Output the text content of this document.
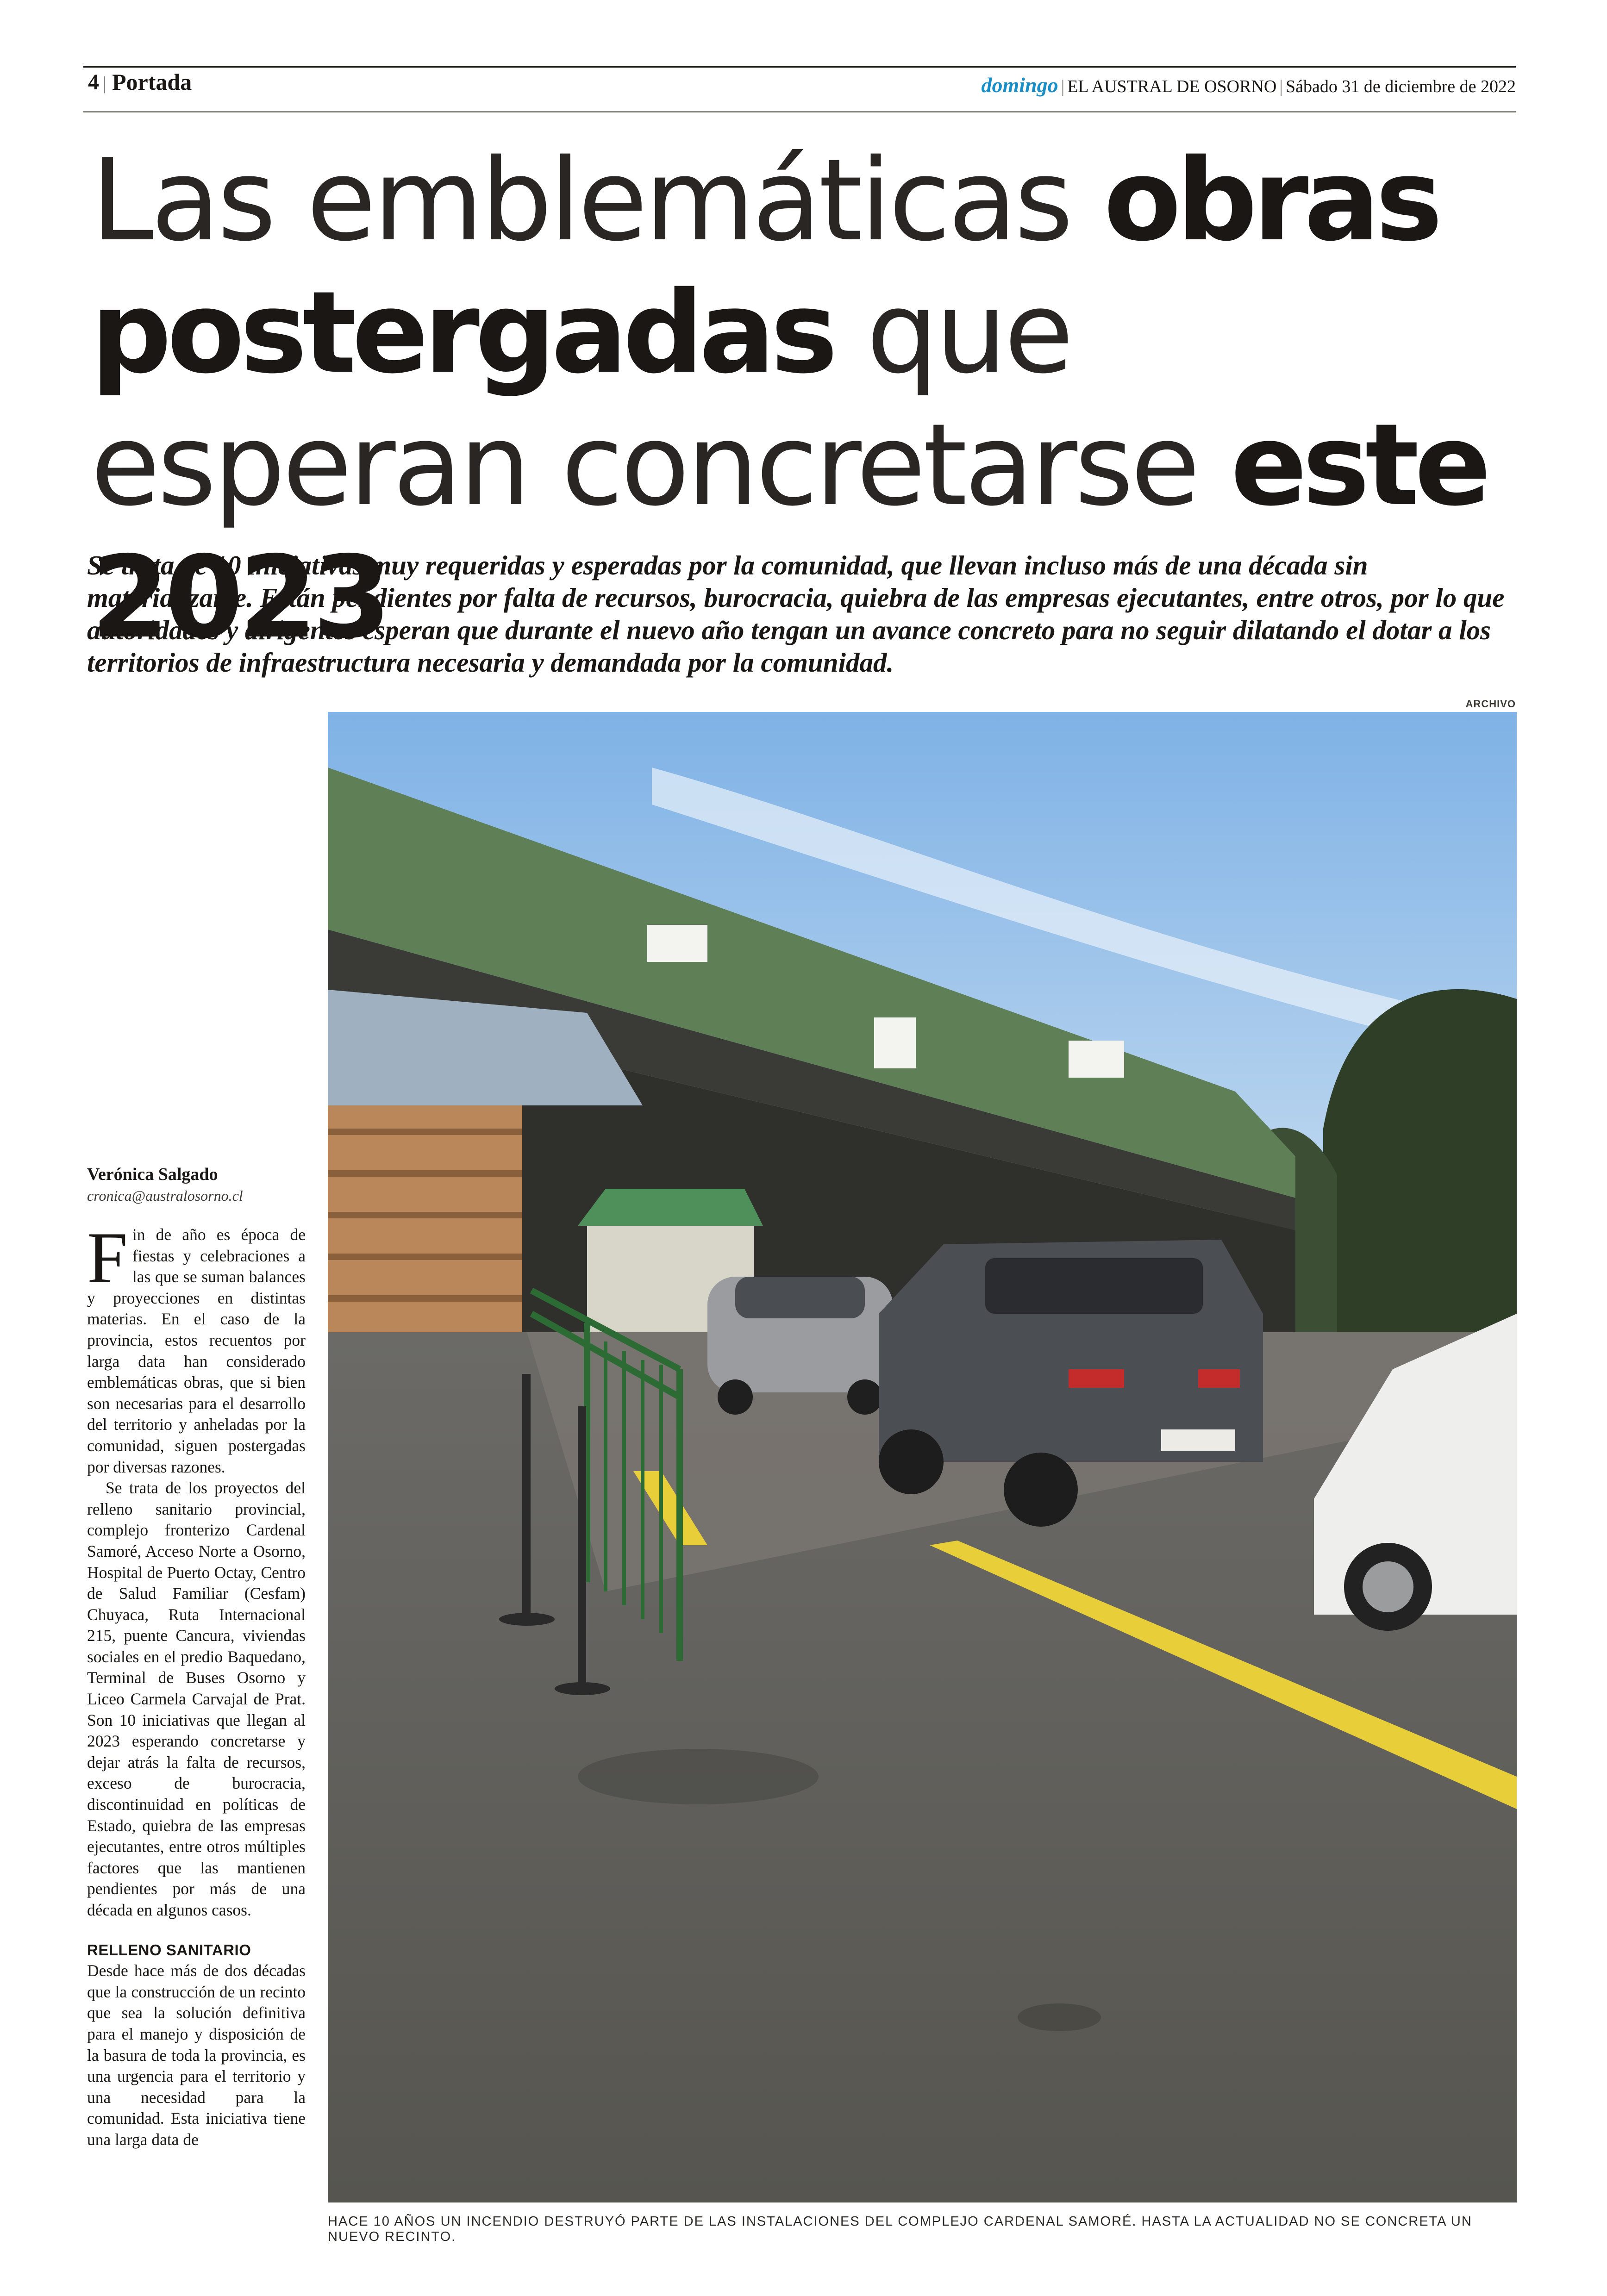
4 | Portada	domingo | EL AUSTRAL DE OSORNO | Sábado 31 de diciembre de 2022
Las emblemáticas obras postergadas que esperan concretarse este 2023
Se trata de 10 iniciativas muy requeridas y esperadas por la comunidad, que llevan incluso más de una década sin materializarse. Están pendientes por falta de recursos, burocracia, quiebra de las empresas ejecutantes, entre otros, por lo que autoridades y dirigentes esperan que durante el nuevo año tengan un avance concreto para no seguir dilatando el dotar a los territorios de infraestructura necesaria y demandada por la comunidad.
ARCHIVO
HACE 10 AÑOS UN INCENDIO DESTRUYÓ PARTE DE LAS INSTALACIONES DEL COMPLEJO CARDENAL SAMORÉ. HASTA LA ACTUALIDAD NO SE CONCRETA UN NUEVO RECINTO.
Verónica Salgado
cronica@australosorno.cl

Fin de año es época de fiestas y celebraciones a las que se suman balances y proyecciones en distintas materias. En el caso de la provincia, estos recuentos por larga data han considerado emblemáticas obras, que si bien son necesarias para el desarrollo del territorio y anheladas por la comunidad, siguen postergadas por diversas razones.

Se trata de los proyectos del relleno sanitario provincial, complejo fronterizo Cardenal Samoré, Acceso Norte a Osorno, Hospital de Puerto Octay, Centro de Salud Familiar (Cesfam) Chuyaca, Ruta Internacional 215, puente Cancura, viviendas sociales en el predio Baquedano, Terminal de Buses Osorno y Liceo Carmela Carvajal de Prat. Son 10 iniciativas que llegan al 2023 esperando concretarse y dejar atrás la falta de recursos, exceso de burocracia, discontinuidad en políticas de Estado, quiebra de las empresas ejecutantes, entre otros múltiples factores que las mantienen pendientes por más de una década en algunos casos.

RELLENO SANITARIO

Desde hace más de dos décadas que la construcción de un recinto que sea la solución definitiva para el manejo y disposición de la basura de toda la provincia, es una urgencia para el territorio y una necesidad para la comunidad. Esta iniciativa tiene una larga data de
